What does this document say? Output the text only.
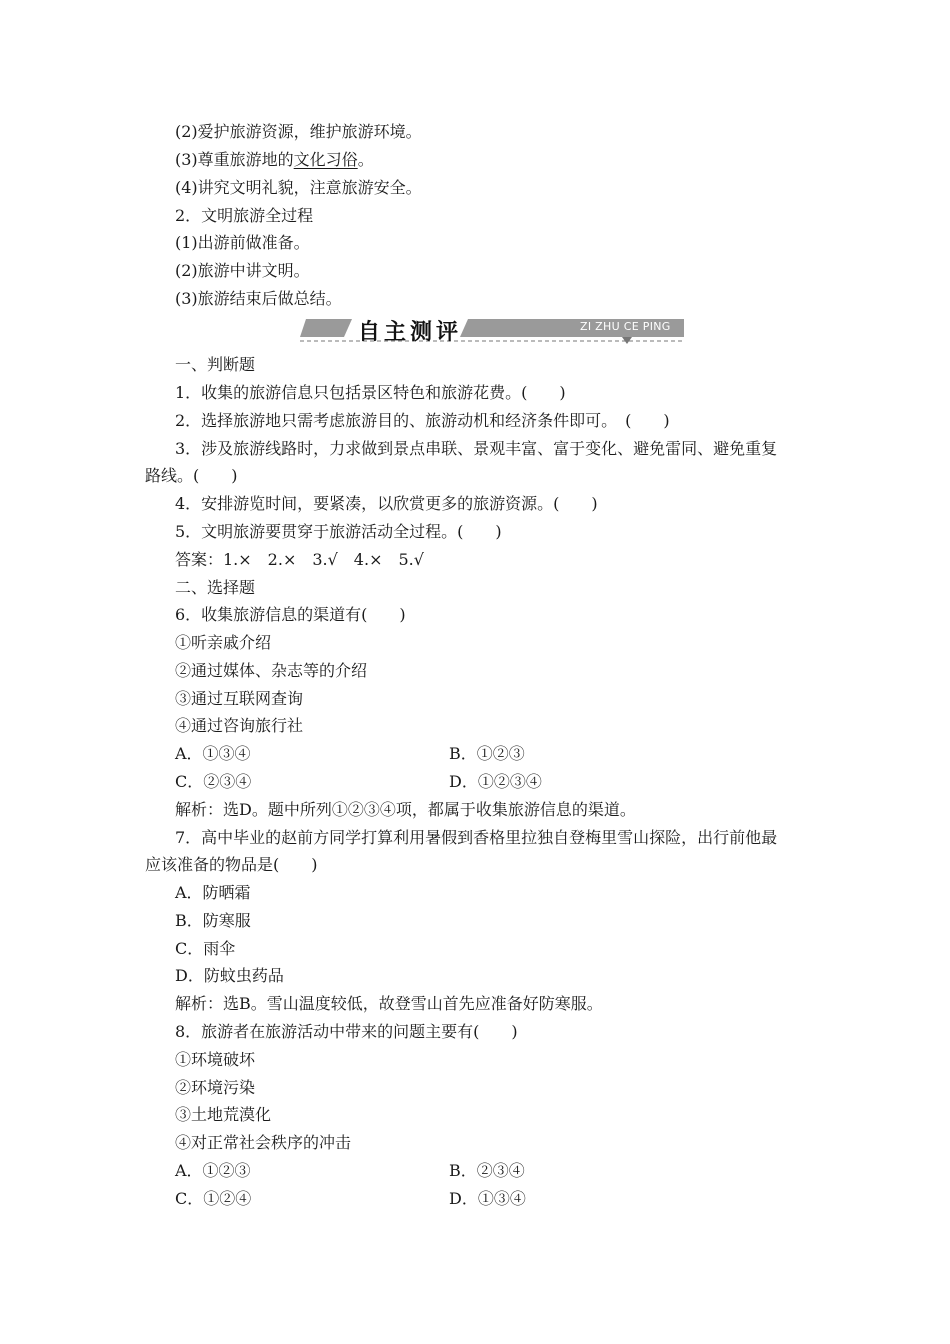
(2)爱护旅游资源，维护旅游环境。
(3)尊重旅游地的文化习俗。
(4)讲究文明礼貌，注意旅游安全。
2．文明旅游全过程
(1)出游前做准备。
(2)旅游中讲文明。
(3)旅游结束后做总结。
自主测评	ZI ZHU CE PING
一、判断题
1．收集的旅游信息只包括景区特色和旅游花费。(　　)
2．选择旅游地只需考虑旅游目的、旅游动机和经济条件即可。　(　　)
3．涉及旅游线路时，力求做到景点串联、景观丰富、富于变化、避免雷同、避免重复
路线。(　　)
4．安排游览时间，要紧凑，以欣赏更多的旅游资源。(　　)
5．文明旅游要贯穿于旅游活动全过程。(　　)
答案：1.×　2.×　3.√　4.×　5.√
二、选择题
6．收集旅游信息的渠道有(　　)
①听亲戚介绍
②通过媒体、杂志等的介绍
③通过互联网查询
④通过咨询旅行社
A．①③④	B．①②③
C．②③④	D．①②③④
解析：选D。题中所列①②③④项，都属于收集旅游信息的渠道。
7．高中毕业的赵前方同学打算利用暑假到香格里拉独自登梅里雪山探险，出行前他最
应该准备的物品是(　　)
A．防晒霜
B．防寒服
C．雨伞
D．防蚊虫药品
解析：选B。雪山温度较低，故登雪山首先应准备好防寒服。
8．旅游者在旅游活动中带来的问题主要有(　　)
①环境破坏
②环境污染
③土地荒漠化
④对正常社会秩序的冲击
A．①②③	B．②③④
C．①②④	D．①③④
